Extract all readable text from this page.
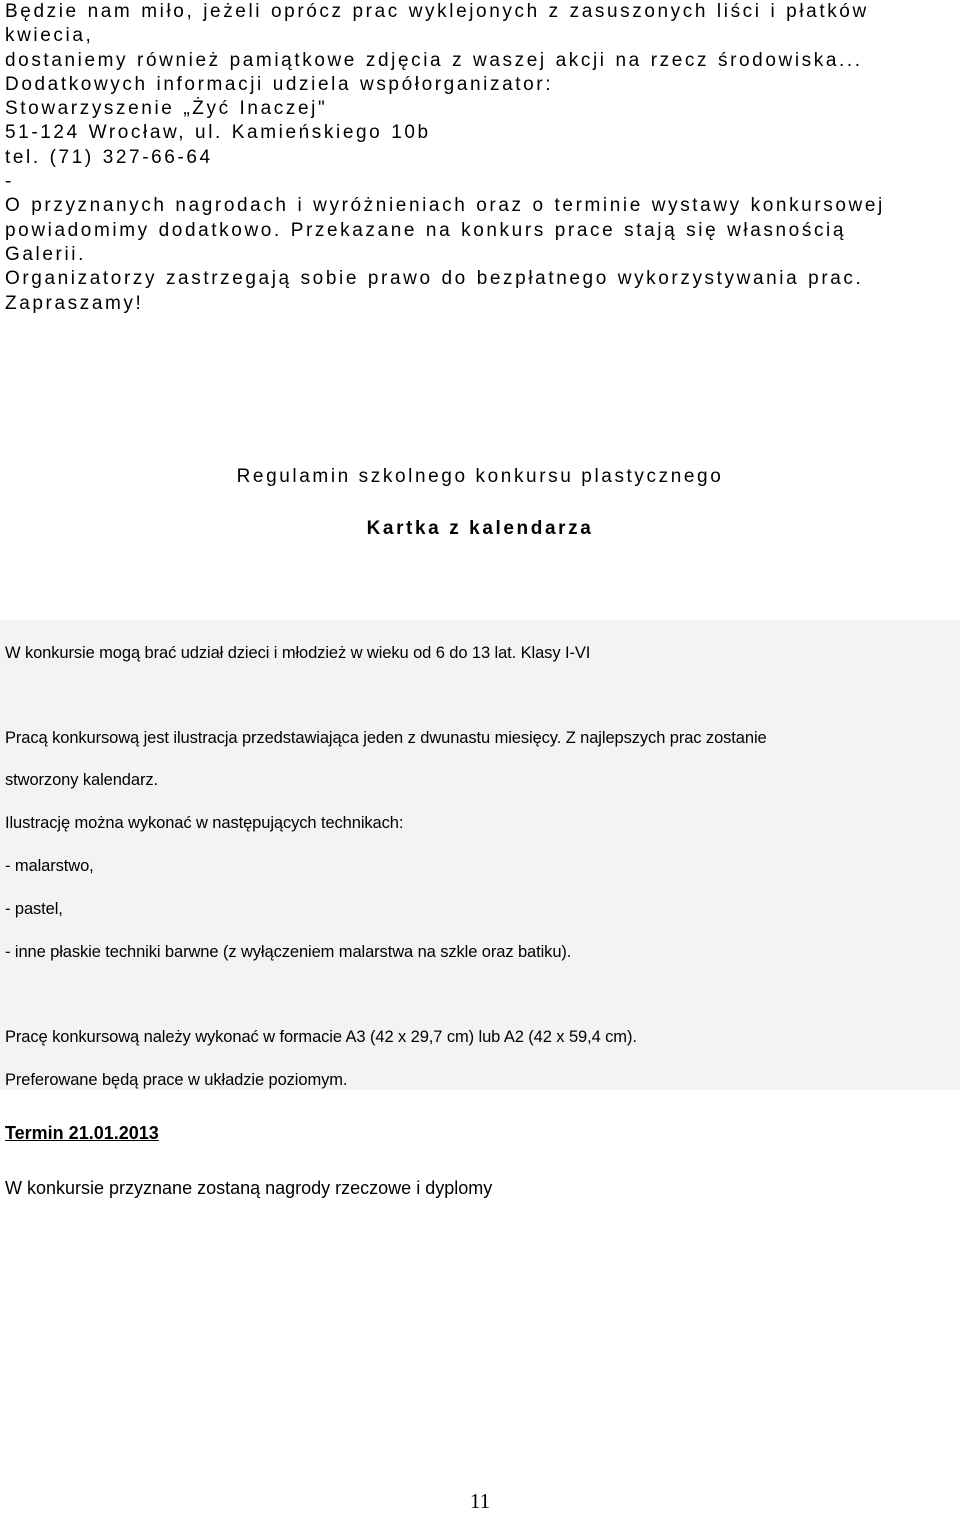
Będzie nam miło, jeżeli oprócz prac wyklejonych z zasuszonych liści i płatków
kwiecia,
dostaniemy również pamiątkowe zdjęcia z waszej akcji na rzecz środowiska...
Dodatkowych informacji udziela współorganizator:
Stowarzyszenie „Żyć Inaczej"
51-124 Wrocław, ul. Kamieńskiego 10b
tel. (71) 327-66-64
-
O przyznanych nagrodach i wyróżnieniach oraz o terminie wystawy konkursowej
powiadomimy dodatkowo. Przekazane na konkurs prace stają się własnością
Galerii.
Organizatorzy zastrzegają sobie prawo do bezpłatnego wykorzystywania prac.
Zapraszamy!
Regulamin szkolnego konkursu plastycznego
Kartka z kalendarza
W konkursie mogą brać udział dzieci i młodzież w wieku od 6 do 13 lat. Klasy I-VI
Pracą konkursową jest ilustracja przedstawiająca jeden z dwunastu miesięcy. Z najlepszych prac zostanie
stworzony kalendarz.
Ilustrację można wykonać w następujących technikach:
- malarstwo,
- pastel,
- inne płaskie techniki barwne (z wyłączeniem malarstwa na szkle oraz batiku).
Pracę konkursową należy wykonać w formacie A3 (42 x 29,7 cm) lub A2 (42 x 59,4 cm).
Preferowane będą prace w układzie poziomym.
Termin 21.01.2013
W konkursie przyznane zostaną nagrody rzeczowe i dyplomy
11
